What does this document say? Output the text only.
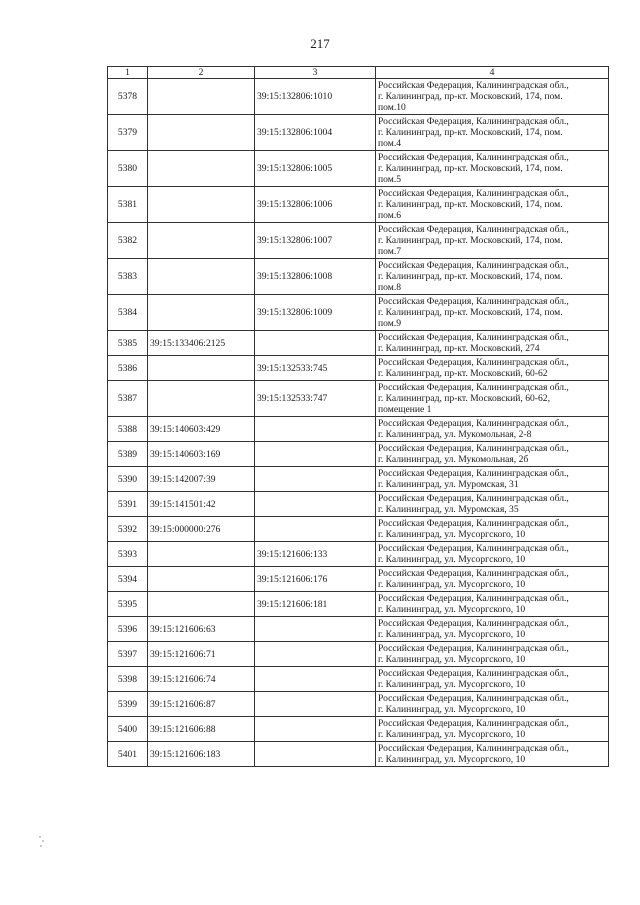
217
1	2	3	4
5378		39:15:132806:1010	Российская Федерация, Калининградская обл.,
г. Калининград, пр-кт. Московский, 174, пом.
пом.10

5379		39:15:132806:1004	Российская Федерация, Калининградская обл.,
г. Калининград, пр-кт. Московский, 174, пом.
пом.4

5380		39:15:132806:1005	Российская Федерация, Калининградская обл.,
г. Калининград, пр-кт. Московский, 174, пом.
пом.5

5381		39:15:132806:1006	Российская Федерация, Калининградская обл.,
г. Калининград, пр-кт. Московский, 174, пом.
пом.6

5382		39:15:132806:1007	Российская Федерация, Калининградская обл.,
г. Калининград, пр-кт. Московский, 174, пом.
пом.7

5383		39:15:132806:1008	Российская Федерация, Калининградская обл.,
г. Калининград, пр-кт. Московский, 174, пом.
пом.8

5384		39:15:132806:1009	Российская Федерация, Калининградская обл.,
г. Калининград, пр-кт. Московский, 174, пом.
пом.9

5385	39:15:133406:2125		Российская Федерация, Калининградская обл.,
г. Калининград, пр-кт. Московский, 274

5386		39:15:132533:745	Российская Федерация, Калининградская обл.,
г. Калининград, пр-кт. Московский, 60-62

5387		39:15:132533:747	Российская Федерация, Калининградская обл.,
г. Калининград, пр-кт. Московский, 60-62,
помещение 1

5388	39:15:140603:429		Российская Федерация, Калининградская обл.,
г. Калининград, ул. Мукомольная, 2-8

5389	39:15:140603:169		Российская Федерация, Калининградская обл.,
г. Калининград, ул. Мукомольная, 2б

5390	39:15:142007:39		Российская Федерация, Калининградская обл.,
г. Калининград, ул. Муромская, 31

5391	39:15:141501:42		Российская Федерация, Калининградская обл.,
г. Калининград, ул. Муромская, 35

5392	39:15:000000:276		Российская Федерация, Калининградская обл.,
г. Калининград, ул. Мусоргского, 10

5393		39:15:121606:133	Российская Федерация, Калининградская обл.,
г. Калининград, ул. Мусоргского, 10

5394		39:15:121606:176	Российская Федерация, Калининградская обл.,
г. Калининград, ул. Мусоргского, 10

5395		39:15:121606:181	Российская Федерация, Калининградская обл.,
г. Калининград, ул. Мусоргского, 10

5396	39:15:121606:63		Российская Федерация, Калининградская обл.,
г. Калининград, ул. Мусоргского, 10

5397	39:15:121606:71		Российская Федерация, Калининградская обл.,
г. Калининград, ул. Мусоргского, 10

5398	39:15:121606:74		Российская Федерация, Калининградская обл.,
г. Калининград, ул. Мусоргского, 10

5399	39:15:121606:87		Российская Федерация, Калининградская обл.,
г. Калининград, ул. Мусоргского, 10

5400	39:15:121606:88		Российская Федерация, Калининградская обл.,
г. Калининград, ул. Мусоргского, 10

5401	39:15:121606:183		Российская Федерация, Калининградская обл.,
г. Калининград, ул. Мусоргского, 10
